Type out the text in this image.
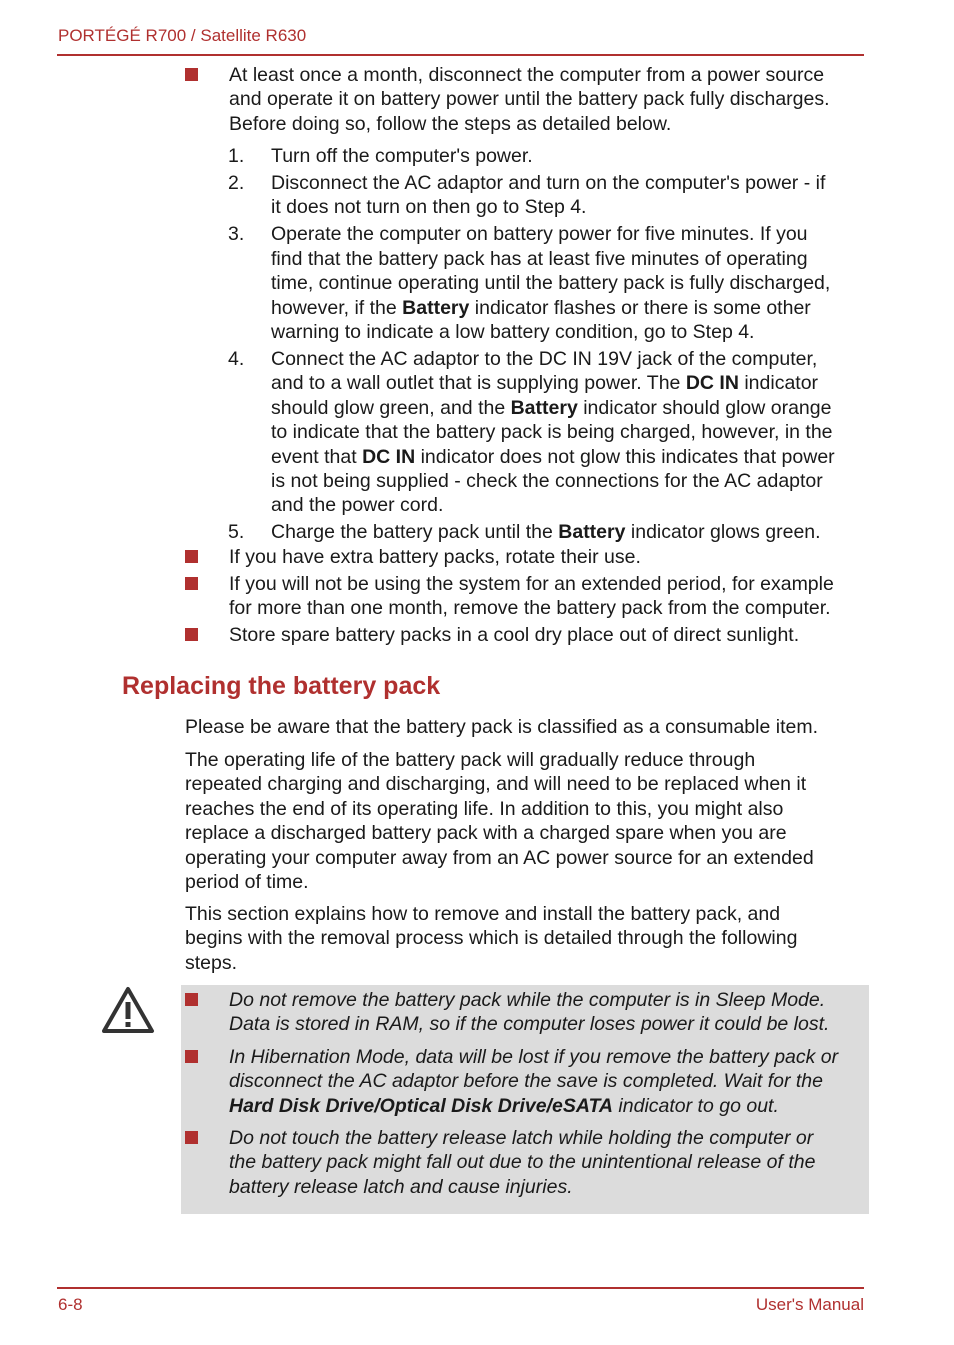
PORTÉGÉ R700 / Satellite R630
At least once a month, disconnect the computer from a power source
and operate it on battery power until the battery pack fully discharges.
Before doing so, follow the steps as detailed below.
1. Turn off the computer's power.
2. Disconnect the AC adaptor and turn on the computer's power - if
it does not turn on then go to Step 4.
3. Operate the computer on battery power for five minutes. If you
find that the battery pack has at least five minutes of operating
time, continue operating until the battery pack is fully discharged,
however, if the Battery indicator flashes or there is some other
warning to indicate a low battery condition, go to Step 4.
4. Connect the AC adaptor to the DC IN 19V jack of the computer,
and to a wall outlet that is supplying power. The DC IN indicator
should glow green, and the Battery indicator should glow orange
to indicate that the battery pack is being charged, however, in the
event that DC IN indicator does not glow this indicates that power
is not being supplied - check the connections for the AC adaptor
and the power cord.
5. Charge the battery pack until the Battery indicator glows green.
If you have extra battery packs, rotate their use.
If you will not be using the system for an extended period, for example
for more than one month, remove the battery pack from the computer.
Store spare battery packs in a cool dry place out of direct sunlight.
Replacing the battery pack

Please be aware that the battery pack is classified as a consumable item.

The operating life of the battery pack will gradually reduce through
repeated charging and discharging, and will need to be replaced when it
reaches the end of its operating life. In addition to this, you might also
replace a discharged battery pack with a charged spare when you are
operating your computer away from an AC power source for an extended
period of time.
This section explains how to remove and install the battery pack, and
begins with the removal process which is detailed through the following
steps.
Do not remove the battery pack while the computer is in Sleep Mode.
Data is stored in RAM, so if the computer loses power it could be lost.
In Hibernation Mode, data will be lost if you remove the battery pack or
disconnect the AC adaptor before the save is completed. Wait for the
Hard Disk Drive/Optical Disk Drive/eSATA indicator to go out.
Do not touch the battery release latch while holding the computer or
the battery pack might fall out due to the unintentional release of the
battery release latch and cause injuries.
6-8	User's Manual
